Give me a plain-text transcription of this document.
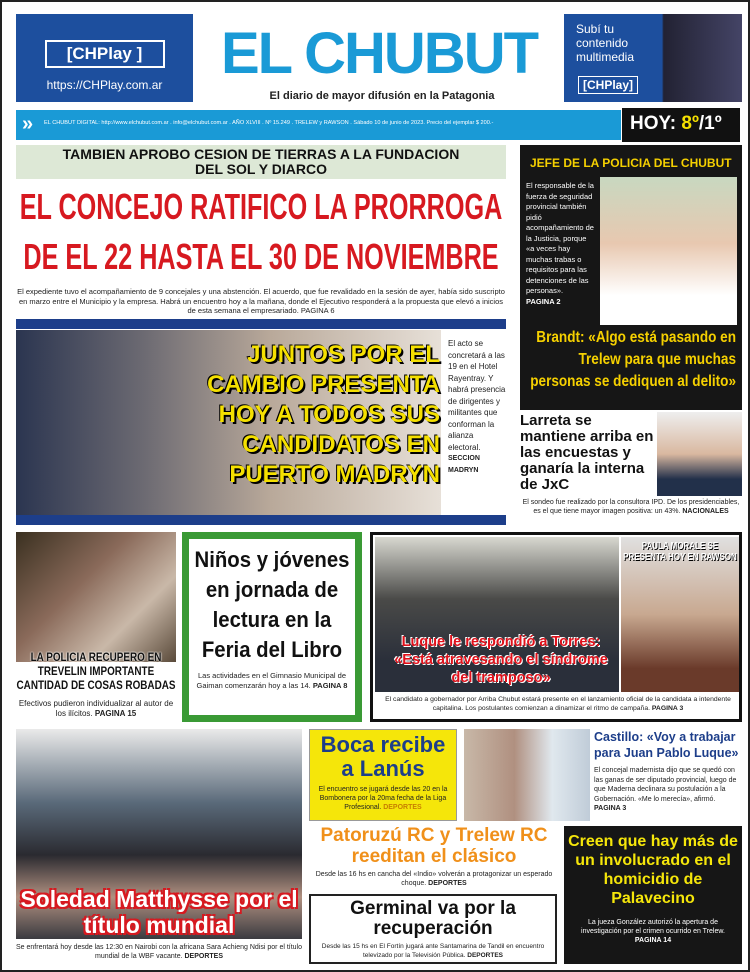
[CHPlay ]
https://CHPlay.com.ar	EL CHUBUT
El diario de mayor difusión en la Patagonia
Subí tu contenido multimedia
[CHPlay]
» EL CHUBUT DIGITAL: http://www.elchubut.com.ar . info@elchubut.com.ar . AÑO XLVIII . Nº 15.249 . TRELEW y RAWSON . Sábado 10 de junio de 2023. Precio del ejemplar $ 200.-	HOY: 8º/1º
TAMBIEN APROBO CESION DE TIERRAS A LA FUNDACION DEL SOL Y DIARCO
EL CONCEJO RATIFICO LA PRORROGA DE EL 22 HASTA EL 30 DE NOVIEMBRE
El expediente tuvo el acompañamiento de 9 concejales y una abstención. El acuerdo, que fue revalidado en la sesión de ayer, había sido suscripto en marzo entre el Municipio y la empresa. Habrá un encuentro hoy a la mañana, donde el Ejecutivo responderá a la propuesta que elevó a inicios de esta semana el empresariado. PAGINA 6
JUNTOS POR EL CAMBIO PRESENTA HOY A TODOS SUS CANDIDATOS EN PUERTO MADRYN
El acto se concretará a las 19 en el Hotel Rayentray. Y habrá presencia de dirigentes y militantes que conforman la alianza electoral.
SECCION MADRYN
JEFE DE LA POLICIA DEL CHUBUT
El responsable de la fuerza de seguridad provincial también pidió acompañamiento de la Justicia, porque «a veces hay muchas trabas o requisitos para las detenciones de las personas».
PAGINA 2
Brandt: «Algo está pasando en Trelew para que muchas personas se dediquen al delito»
Larreta se mantiene arriba en las encuestas y ganaría la interna de JxC
El sondeo fue realizado por la consultora IPD. De los presidenciables, es el que tiene mayor imagen positiva: un 43%. NACIONALES
LA POLICIA RECUPERO EN TREVELIN IMPORTANTE CANTIDAD DE COSAS ROBADAS
Efectivos pudieron individualizar al autor de los ilícitos. PAGINA 15
Niños y jóvenes en jornada de lectura en la Feria del Libro
Las actividades en el Gimnasio Municipal de Gaiman comenzarán hoy a las 14. PAGINA 8
PAULA MORALE SE PRESENTA HOY EN RAWSON
Luque le respondió a Torres: «Está atravesando el síndrome del tramposo»
El candidato a gobernador por Arriba Chubut estará presente en el lanzamiento oficial de la candidata a intendente capitalina. Los postulantes comienzan a dinamizar el ritmo de campaña. PAGINA 3
Soledad Matthysse por el título mundial
Se enfrentará hoy desde las 12:30 en Nairobi con la africana Sara Achieng Ndisi por el título mundial de la WBF vacante. DEPORTES
Boca recibe a Lanús
El encuentro se jugará desde las 20 en la Bombonera por la 20ma fecha de la Liga Profesional. DEPORTES
Castillo: «Voy a trabajar para Juan Pablo Luque»
El concejal madernista dijo que se quedó con las ganas de ser diputado provincial, luego de que Maderna declinara su postulación a la Gobernación. «Me lo merecía», afirmó. PAGINA 3
Patoruzú RC y Trelew RC reeditan el clásico
Desde las 16 hs en cancha del «Indio» volverán a protagonizar un esperado choque. DEPORTES
Germinal va por la recuperación
Desde las 15 hs en El Fortín jugará ante Santamarina de Tandil en encuentro televizado por la Televisión Pública. DEPORTES
Creen que hay más de un involucrado en el homicidio de Palavecino
La jueza González autorizó la apertura de investigación por el crimen ocurrido en Trelew. PAGINA 14
